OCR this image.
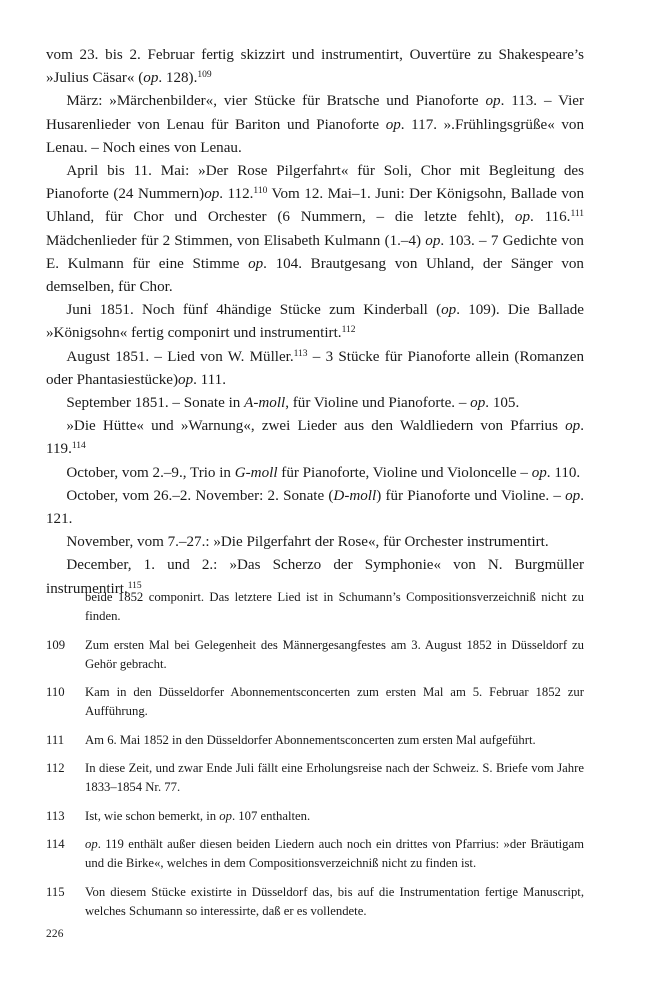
vom 23. bis 2. Februar fertig skizzirt und instrumentirt, Ouvertüre zu Shakespeare’s »Julius Cäsar« (op. 128).$^{109}$

März: »Märchenbilder«, vier Stücke für Bratsche und Pianoforte op. 113. – Vier Husarenlieder von Lenau für Bariton und Pianoforte op. 117. ».Frühlingsgrüße« von Lenau. – Noch eines von Lenau.

April bis 11. Mai: »Der Rose Pilgerfahrt« für Soli, Chor mit Begleitung des Pianoforte (24 Nummern)op. 112.$^{110}$ Vom 12. Mai–1. Juni: Der Königsohn, Ballade von Uhland, für Chor und Orchester (6 Nummern, – die letzte fehlt), op. 116.$^{111}$ Mädchenlieder für 2 Stimmen, von Elisabeth Kulmann (1.–4) op. 103. – 7 Gedichte von E. Kulmann für eine Stimme op. 104. Brautgesang von Uhland, der Sänger von demselben, für Chor.

Juni 1851. Noch fünf 4händige Stücke zum Kinderball (op. 109). Die Ballade »Königsohn« fertig componirt und instrumentirt.$^{112}$

August 1851. – Lied von W. Müller.$^{113}$ – 3 Stücke für Pianoforte allein (Romanzen oder Phantasiestücke)op. 111.

September 1851. – Sonate in A-moll, für Violine und Pianoforte. – op. 105.

»Die Hütte« und »Warnung«, zwei Lieder aus den Waldliedern von Pfarrius op. 119.$^{114}$

October, vom 2.–9., Trio in G-moll für Pianoforte, Violine und Violoncelle – op. 110.

October, vom 26.–2. November: 2. Sonate (D-moll) für Pianoforte und Violine. – op. 121.

November, vom 7.–27.: »Die Pilgerfahrt der Rose«, für Orchester instrumentirt.

December, 1. und 2.: »Das Scherzo der Symphonie« von N. Burgmüller instrumentirt.$^{115}$

beide 1852 componirt. Das letztere Lied ist in Schumann’s Compositionsverzeichniß nicht zu finden.
109	Zum ersten Mal bei Gelegenheit des Männergesangfestes am 3. August 1852 in Düsseldorf zu Gehör gebracht.
110	Kam in den Düsseldorfer Abonnementsconcerten zum ersten Mal am 5. Februar 1852 zur Aufführung.
111	Am 6. Mai 1852 in den Düsseldorfer Abonnementsconcerten zum ersten Mal aufgeführt.
112	In diese Zeit, und zwar Ende Juli fällt eine Erholungsreise nach der Schweiz. S. Briefe vom Jahre 1833–1854 Nr. 77.
113	Ist, wie schon bemerkt, in op. 107 enthalten.
114	op. 119 enthält außer diesen beiden Liedern auch noch ein drittes von Pfarrius: »der Bräutigam und die Birke«, welches in dem Compositionsverzeichniß nicht zu finden ist.
115	Von diesem Stücke existirte in Düsseldorf das, bis auf die Instrumentation fertige Manuscript, welches Schumann so interessirte, daß er es vollendete.
226
